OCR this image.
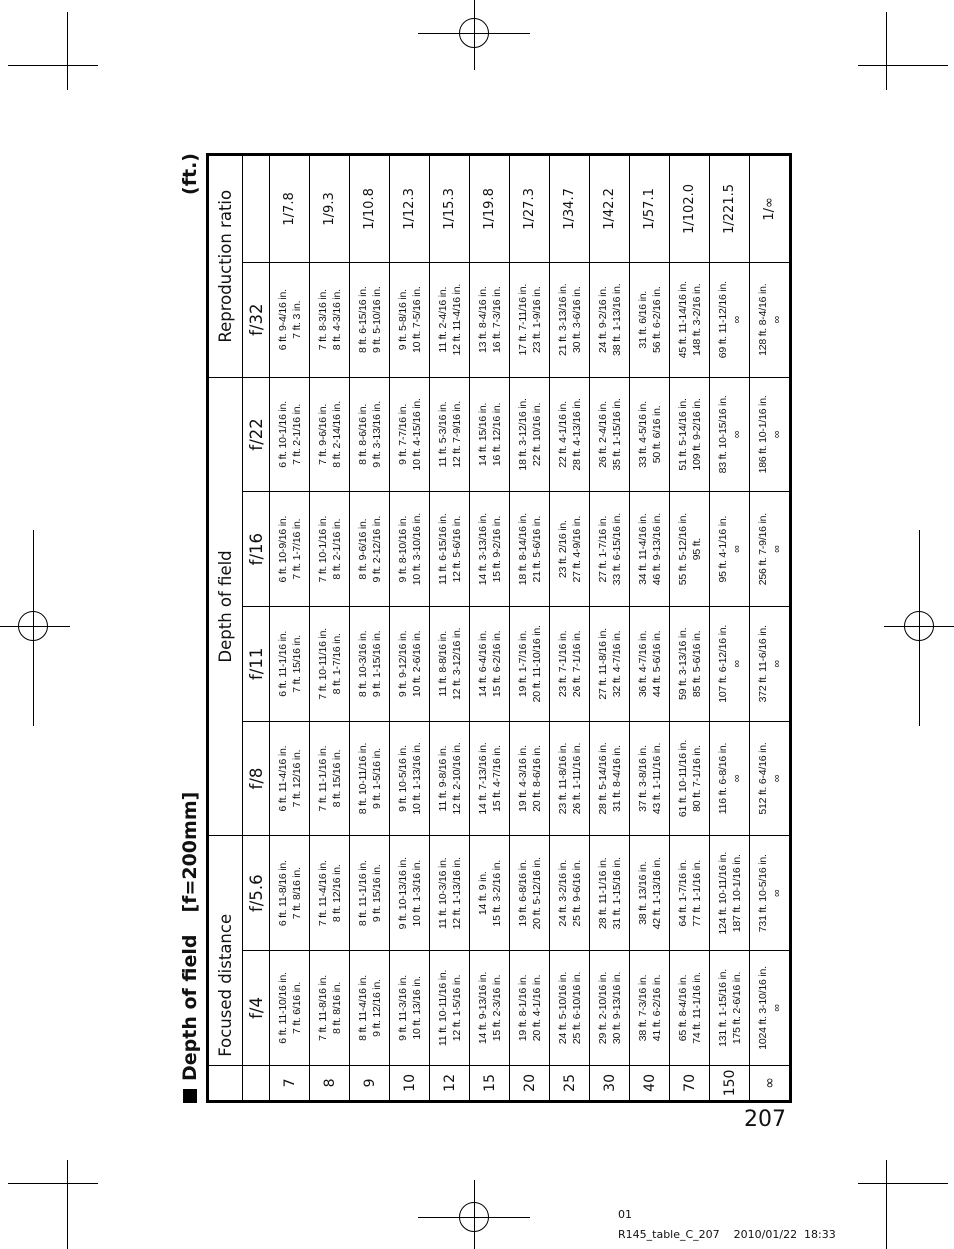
Depth of field[f=200mm]
(ft.)
	Focused distance		Depth of field				Reproduction ratio	
	f/4	f/5.6	f/8	f/11	f/16	f/22	f/32	
7	6 ft. 11-10/16 in. 7 ft. 6/16 in.	6 ft. 11-8/16 in. 7 ft. 8/16 in.	6 ft. 11-4/16 in. 7 ft. 12/16 in.	6 ft. 11-1/16 in. 7 ft. 15/16 in.	6 ft. 10-9/16 in. 7 ft. 1-7/16 in.	6 ft. 10-1/16 in. 7 ft. 2-1/16 in.	6 ft. 9-4/16 in. 7 ft. 3 in.	1/7.8
8	7 ft. 11-8/16 in. 8 ft. 8/16 in.	7 ft. 11-4/16 in. 8 ft. 12/16 in.	7 ft. 11-1/16 in. 8 ft. 15/16 in.	7 ft. 10-11/16 in. 8 ft. 1-7/16 in.	7 ft. 10-1/16 in. 8 ft. 2-1/16 in.	7 ft. 9-6/16 in. 8 ft. 2-14/16 in.	7 ft. 8-3/16 in. 8 ft. 4-3/16 in.	1/9.3
9	8 ft. 11-4/16 in. 9 ft. 12/16 in.	8 ft. 11-1/16 in. 9 ft. 15/16 in.	8 ft. 10-11/16 in. 9 ft. 1-5/16 in.	8 ft. 10-3/16 in. 9 ft. 1-15/16 in.	8 ft. 9-6/16 in. 9 ft. 2-12/16 in.	8 ft. 8-6/16 in. 9 ft. 3-13/16 in.	8 ft. 6-15/16 in. 9 ft. 5-10/16 in.	1/10.8
10	9 ft. 11-3/16 in. 10 ft. 13/16 in.	9 ft. 10-13/16 in. 10 ft. 1-3/16 in.	9 ft. 10-5/16 in. 10 ft. 1-13/16 in.	9 ft. 9-12/16 in. 10 ft. 2-6/16 in.	9 ft. 8-10/16 in. 10 ft. 3-10/16 in.	9 ft. 7-7/16 in. 10 ft. 4-15/16 in.	9 ft. 5-8/16 in. 10 ft. 7-5/16 in.	1/12.3
12	11 ft. 10-11/16 in. 12 ft. 1-5/16 in.	11 ft. 10-3/16 in. 12 ft. 1-13/16 in.	11 ft. 9-8/16 in. 12 ft. 2-10/16 in.	11 ft. 8-8/16 in. 12 ft. 3-12/16 in.	11 ft. 6-15/16 in. 12 ft. 5-6/16 in.	11 ft. 5-3/16 in. 12 ft. 7-9/16 in.	11 ft. 2-4/16 in. 12 ft. 11-4/16 in.	1/15.3
15	14 ft. 9-13/16 in. 15 ft. 2-3/16 in.	14 ft. 9 in. 15 ft. 3-2/16 in.	14 ft. 7-13/16 in. 15 ft. 4-7/16 in.	14 ft. 6-4/16 in. 15 ft. 6-2/16 in.	14 ft. 3-13/16 in. 15 ft. 9-2/16 in.	14 ft. 15/16 in. 16 ft. 12/16 in.	13 ft. 8-4/16 in. 16 ft. 7-3/16 in.	1/19.8
20	19 ft. 8-1/16 in. 20 ft. 4-1/16 in.	19 ft. 6-8/16 in. 20 ft. 5-12/16 in.	19 ft. 4-3/16 in. 20 ft. 8-6/16 in.	19 ft. 1-7/16 in. 20 ft. 11-10/16 in.	18 ft. 8-14/16 in. 21 ft. 5-6/16 in.	18 ft. 3-12/16 in. 22 ft. 10/16 in.	17 ft. 7-11/16 in. 23 ft. 1-9/16 in.	1/27.3
25	24 ft. 5-10/16 in. 25 ft. 6-10/16 in.	24 ft. 3-2/16 in. 25 ft. 9-6/16 in.	23 ft. 11-8/16 in. 26 ft. 1-11/16 in.	23 ft. 7-1/16 in. 26 ft. 7-1/16 in.	23 ft. 2/16 in. 27 ft. 4-9/16 in.	22 ft. 4-1/16 in. 28 ft. 4-13/16 in.	21 ft. 3-13/16 in. 30 ft. 3-6/16 in.	1/34.7
30	29 ft. 2-10/16 in. 30 ft. 9-13/16 in.	28 ft. 11-1/16 in. 31 ft. 1-15/16 in.	28 ft. 5-14/16 in. 31 ft. 8-4/16 in.	27 ft. 11-8/16 in. 32 ft. 4-7/16 in.	27 ft. 1-7/16 in. 33 ft. 6-15/16 in.	26 ft. 2-4/16 in. 35 ft. 1-15/16 in.	24 ft. 9-2/16 in. 38 ft. 1-13/16 in.	1/42.2
40	38 ft. 7-3/16 in. 41 ft. 6-2/16 in.	38 ft. 13/16 in. 42 ft. 1-13/16 in.	37 ft. 3-8/16 in. 43 ft. 1-11/16 in.	36 ft. 4-7/16 in. 44 ft. 5-6/16 in.	34 ft. 11-4/16 in. 46 ft. 9-13/16 in.	33 ft. 4-5/16 in. 50 ft. 6/16 in.	31 ft. 6/16 in. 56 ft. 6-2/16 in.	1/57.1
70	65 ft. 8-4/16 in. 74 ft. 11-1/16 in.	64 ft. 1-7/16 in. 77 ft. 1-1/16 in.	61 ft. 10-11/16 in. 80 ft. 7-1/16 in.	59 ft. 3-13/16 in. 85 ft. 5-6/16 in.	55 ft. 5-12/16 in. 95 ft.	51 ft. 5-14/16 in. 109 ft. 9-2/16 in.	45 ft. 11-14/16 in. 148 ft. 3-2/16 in.	1/102.0
150	131 ft. 1-15/16 in. 175 ft. 2-6/16 in.	124 ft. 10-11/16 in. 187 ft. 10-1/16 in.	116 ft. 6-8/16 in. ∞	107 ft. 6-12/16 in. ∞	95 ft. 4-1/16 in. ∞	83 ft. 10-15/16 in. ∞	69 ft. 11-12/16 in. ∞	1/221.5
∞	1024 ft. 3-10/16 in. ∞	731 ft. 10-5/16 in. ∞	512 ft. 6-4/16 in. ∞	372 ft. 11-6/16 in. ∞	256 ft. 7-9/16 in. ∞	186 ft. 10-1/16 in. ∞	128 ft. 8-4/16 in. ∞	1/∞
207
01
R145_table_C_207    2010/01/22  18:33
